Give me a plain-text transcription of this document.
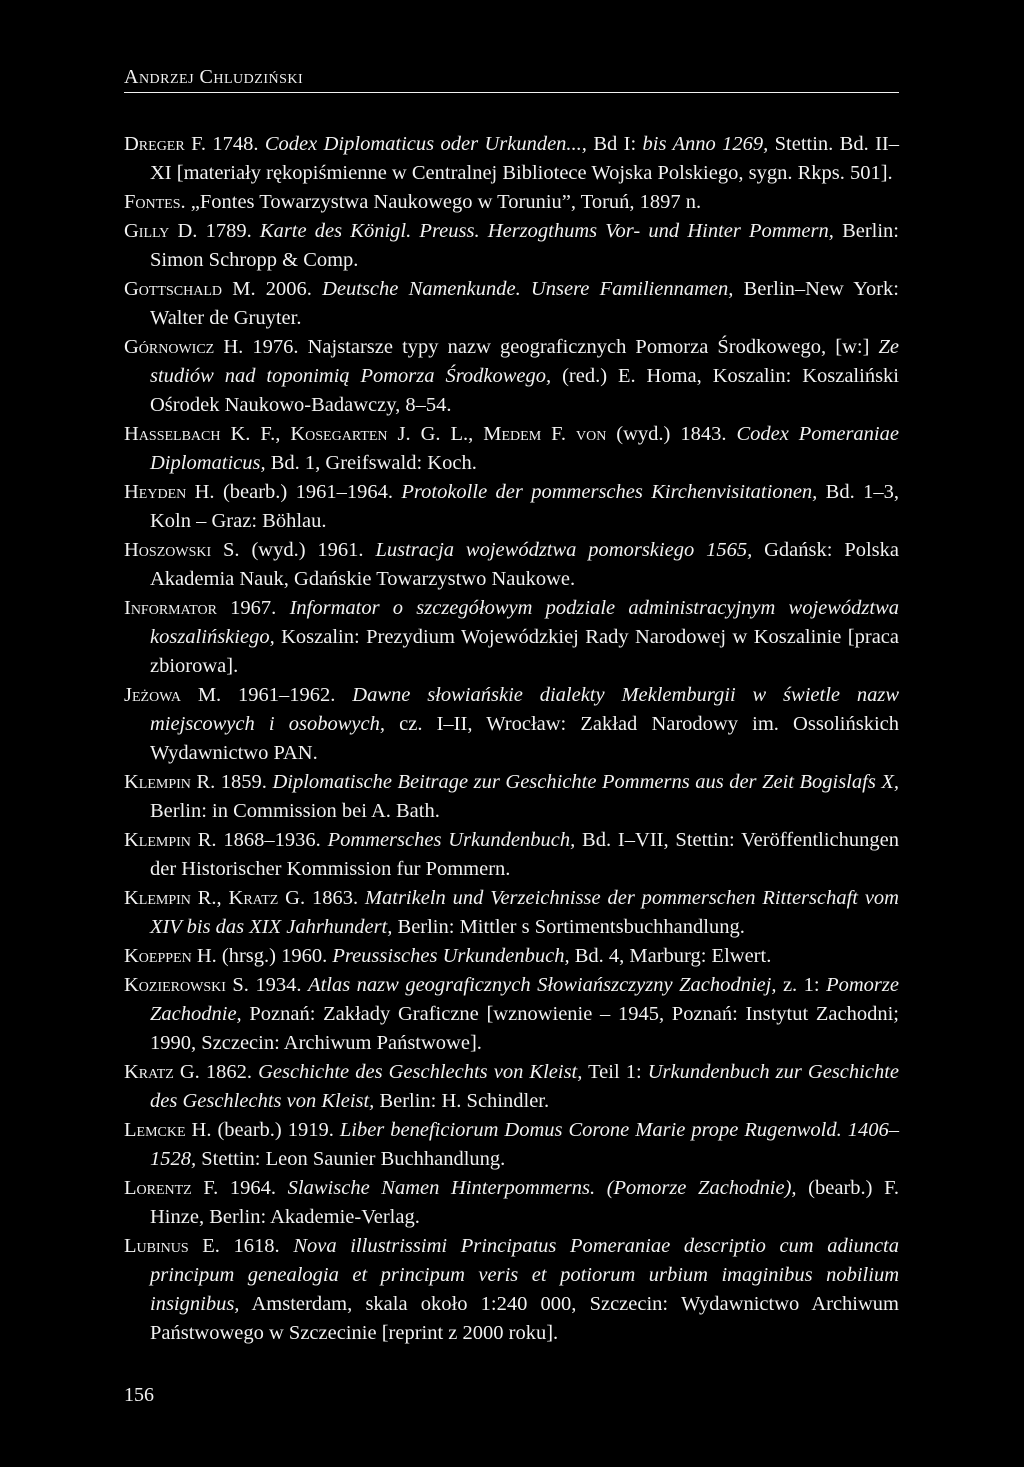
Andrzej Chludziński
Dreger F. 1748. Codex Diplomaticus oder Urkunden..., Bd I: bis Anno 1269, Stettin. Bd. II–XI [materiały rękopiśmienne w Centralnej Bibliotece Wojska Polskiego, sygn. Rkps. 501].
Fontes. „Fontes Towarzystwa Naukowego w Toruniu”, Toruń, 1897 n.
Gilly D. 1789. Karte des Königl. Preuss. Herzogthums Vor- und Hinter Pommern, Berlin: Simon Schropp & Comp.
Gottschald M. 2006. Deutsche Namenkunde. Unsere Familiennamen, Berlin–New York: Walter de Gruyter.
Górnowicz H. 1976. Najstarsze typy nazw geograficznych Pomorza Środkowego, [w:] Ze studiów nad toponimią Pomorza Środkowego, (red.) E. Homa, Koszalin: Koszaliński Ośrodek Naukowo-Badawczy, 8–54.
Hasselbach K. F., Kosegarten J. G. L., Medem F. von (wyd.) 1843. Codex Pomeraniae Diplomaticus, Bd. 1, Greifswald: Koch.
Heyden H. (bearb.) 1961–1964. Protokolle der pommersches Kirchenvisitationen, Bd. 1–3, Koln – Graz: Böhlau.
Hoszowski S. (wyd.) 1961. Lustracja województwa pomorskiego 1565, Gdańsk: Polska Akademia Nauk, Gdańskie Towarzystwo Naukowe.
Informator 1967. Informator o szczegółowym podziale administracyjnym województwa koszalińskiego, Koszalin: Prezydium Wojewódzkiej Rady Narodowej w Koszalinie [praca zbiorowa].
Jeżowa M. 1961–1962. Dawne słowiańskie dialekty Meklemburgii w świetle nazw miejscowych i osobowych, cz. I–II, Wrocław: Zakład Narodowy im. Ossolińskich Wydawnictwo PAN.
Klempin R. 1859. Diplomatische Beitrage zur Geschichte Pommerns aus der Zeit Bogislafs X, Berlin: in Commission bei A. Bath.
Klempin R. 1868–1936. Pommersches Urkundenbuch, Bd. I–VII, Stettin: Veröffentlichungen der Historischer Kommission fur Pommern.
Klempin R., Kratz G. 1863. Matrikeln und Verzeichnisse der pommerschen Ritterschaft vom XIV bis das XIX Jahrhundert, Berlin: Mittler s Sortimentsbuchhandlung.
Koeppen H. (hrsg.) 1960. Preussisches Urkundenbuch, Bd. 4, Marburg: Elwert.
Kozierowski S. 1934. Atlas nazw geograficznych Słowiańszczyzny Zachodniej, z. 1: Pomorze Zachodnie, Poznań: Zakłady Graficzne [wznowienie – 1945, Poznań: Instytut Zachodni; 1990, Szczecin: Archiwum Państwowe].
Kratz G. 1862. Geschichte des Geschlechts von Kleist, Teil 1: Urkundenbuch zur Geschichte des Geschlechts von Kleist, Berlin: H. Schindler.
Lemcke H. (bearb.) 1919. Liber beneficiorum Domus Corone Marie prope Rugenwold. 1406–1528, Stettin: Leon Saunier Buchhandlung.
Lorentz F. 1964. Slawische Namen Hinterpommerns. (Pomorze Zachodnie), (bearb.) F. Hinze, Berlin: Akademie-Verlag.
Lubinus E. 1618. Nova illustrissimi Principatus Pomeraniae descriptio cum adiuncta principum genealogia et principum veris et potiorum urbium imaginibus nobilium insignibus, Amsterdam, skala około 1:240 000, Szczecin: Wydawnictwo Archiwum Państwowego w Szczecinie [reprint z 2000 roku].
156
